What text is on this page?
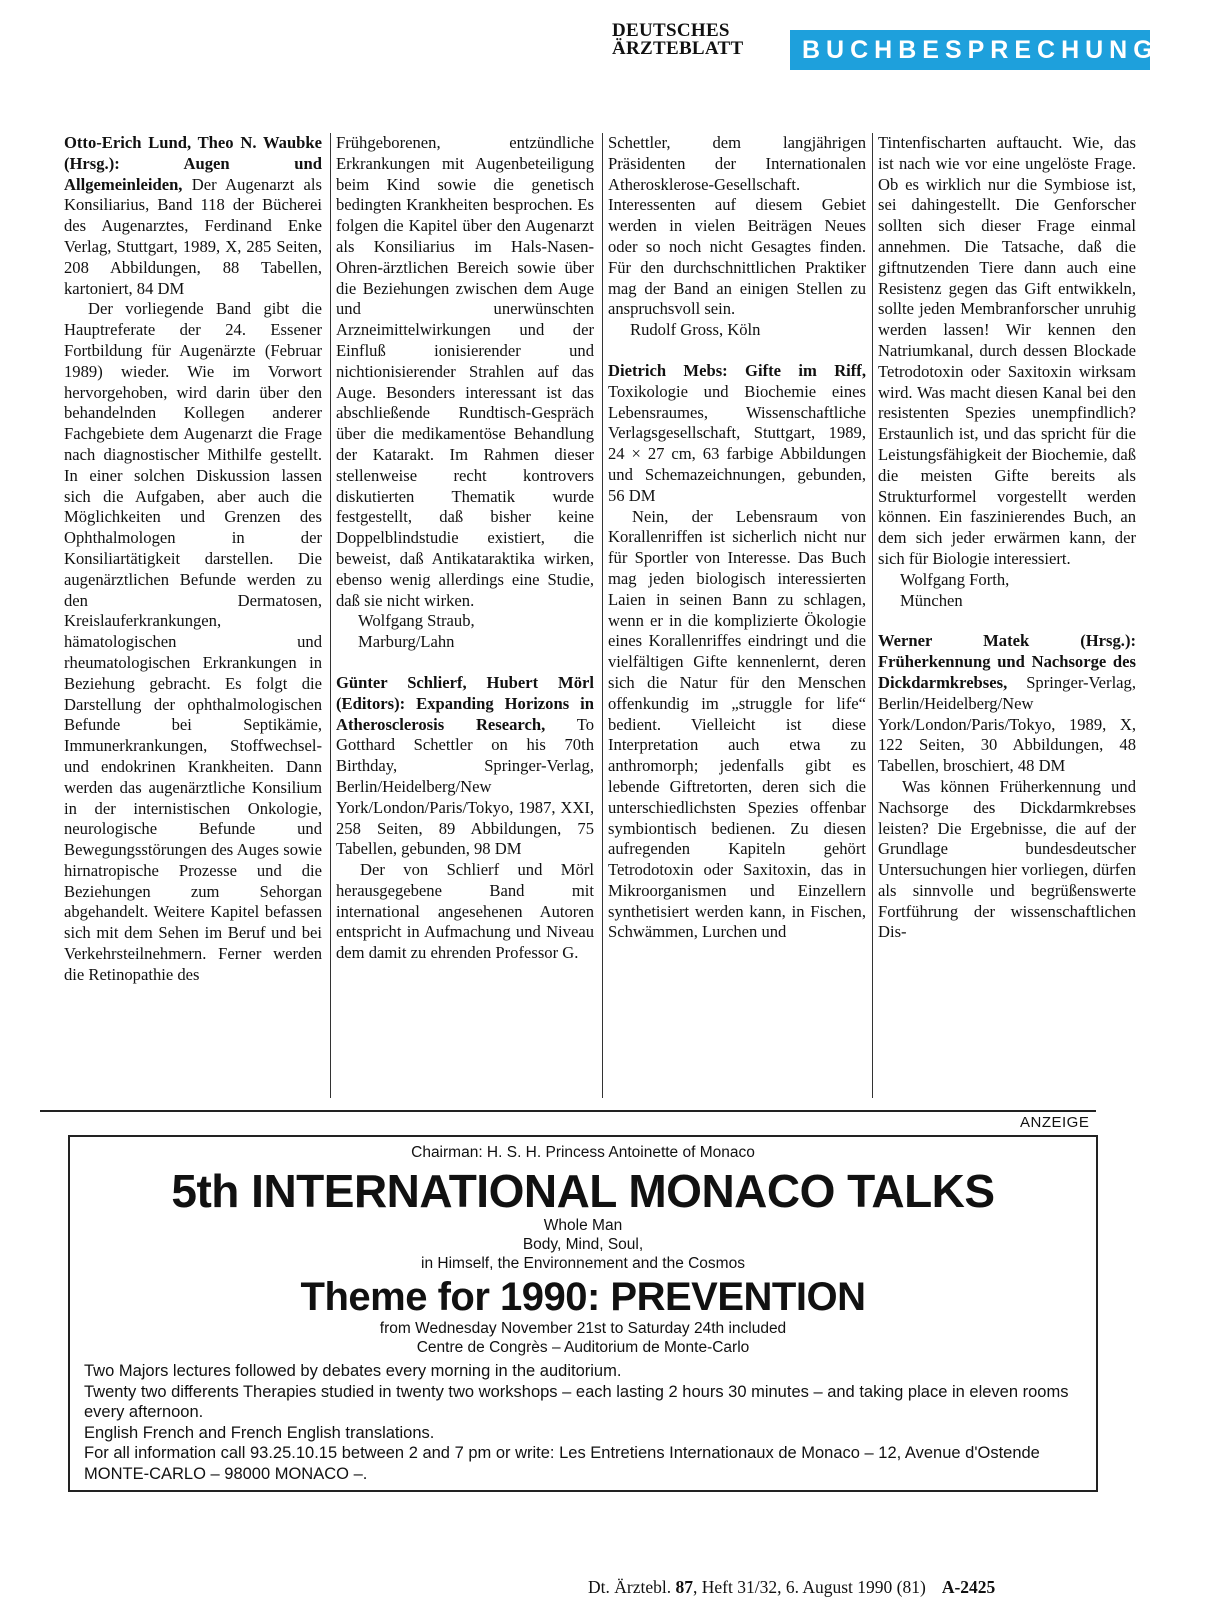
DEUTSCHES
ÄRZTEBLATT	BUCHBESPRECHUNGEN

Otto-Erich Lund, Theo N. Waubke (Hrsg.): Augen und Allgemeinleiden, Der Augenarzt als Konsiliarius, Band 118 der Bücherei des Augenarztes, Ferdinand Enke Verlag, Stuttgart, 1989, X, 285 Seiten, 208 Abbildungen, 88 Tabellen, kartoniert, 84 DM

Der vorliegende Band gibt die Hauptreferate der 24. Essener Fortbildung für Augenärzte (Februar 1989) wieder. Wie im Vorwort hervorgehoben, wird darin über den behandelnden Kollegen anderer Fachgebiete dem Augenarzt die Frage nach diagnostischer Mithilfe gestellt. In einer solchen Diskussion lassen sich die Aufgaben, aber auch die Möglichkeiten und Grenzen des Ophthalmologen in der Konsiliartätigkeit darstellen. Die augenärztlichen Befunde werden zu den Dermatosen, Kreislauferkrankungen, hämatologischen und rheumatologischen Erkrankungen in Beziehung gebracht. Es folgt die Darstellung der ophthalmologischen Befunde bei Septikämie, Immunerkrankungen, Stoffwechsel- und endokrinen Krankheiten. Dann werden das augenärztliche Konsilium in der internistischen Onkologie, neurologische Befunde und Bewegungsstörungen des Auges sowie hirnatropische Prozesse und die Beziehungen zum Sehorgan abgehandelt. Weitere Kapitel befassen sich mit dem Sehen im Beruf und bei Verkehrsteilnehmern. Ferner werden die Retinopathie des

Frühgeborenen, entzündliche Erkrankungen mit Augenbeteiligung beim Kind sowie die genetisch bedingten Krankheiten besprochen. Es folgen die Kapitel über den Augenarzt als Konsiliarius im Hals-Nasen-Ohren-ärztlichen Bereich sowie über die Beziehungen zwischen dem Auge und unerwünschten Arzneimittelwirkungen und der Einfluß ionisierender und nichtionisierender Strahlen auf das Auge. Besonders interessant ist das abschließende Rundtisch-Gespräch über die medikamentöse Behandlung der Katarakt. Im Rahmen dieser stellenweise recht kontrovers diskutierten Thematik wurde festgestellt, daß bisher keine Doppelblindstudie existiert, die beweist, daß Antikataraktika wirken, ebenso wenig allerdings eine Studie, daß sie nicht wirken.

Wolfgang Straub,

Marburg/Lahn

Günter Schlierf, Hubert Mörl (Editors): Expanding Horizons in Atherosclerosis Research, To Gotthard Schettler on his 70th Birthday, Springer-Verlag, Berlin/Heidelberg/New York/London/Paris/Tokyo, 1987, XXI, 258 Seiten, 89 Abbildungen, 75 Tabellen, gebunden, 98 DM

Der von Schlierf und Mörl herausgegebene Band mit international angesehenen Autoren entspricht in Aufmachung und Niveau dem damit zu ehrenden Professor G.

Schettler, dem langjährigen Präsidenten der Internationalen Atherosklerose-Gesellschaft. Interessenten auf diesem Gebiet werden in vielen Beiträgen Neues oder so noch nicht Gesagtes finden. Für den durchschnittlichen Praktiker mag der Band an einigen Stellen zu anspruchsvoll sein.

Rudolf Gross, Köln

Dietrich Mebs: Gifte im Riff, Toxikologie und Biochemie eines Lebensraumes, Wissenschaftliche Verlagsgesellschaft, Stuttgart, 1989, 24 × 27 cm, 63 farbige Abbildungen und Schemazeichnungen, gebunden, 56 DM

Nein, der Lebensraum von Korallenriffen ist sicherlich nicht nur für Sportler von Interesse. Das Buch mag jeden biologisch interessierten Laien in seinen Bann zu schlagen, wenn er in die komplizierte Ökologie eines Korallenriffes eindringt und die vielfältigen Gifte kennenlernt, deren sich die Natur für den Menschen offenkundig im „struggle for life“ bedient. Vielleicht ist diese Interpretation auch etwa zu anthromorph; jedenfalls gibt es lebende Giftretorten, deren sich die unterschiedlichsten Spezies offenbar symbiontisch bedienen. Zu diesen aufregenden Kapiteln gehört Tetrodotoxin oder Saxitoxin, das in Mikroorganismen und Einzellern synthetisiert werden kann, in Fischen, Schwämmen, Lurchen und

Tintenfischarten auftaucht. Wie, das ist nach wie vor eine ungelöste Frage. Ob es wirklich nur die Symbiose ist, sei dahingestellt. Die Genforscher sollten sich dieser Frage einmal annehmen. Die Tatsache, daß die giftnutzenden Tiere dann auch eine Resistenz gegen das Gift entwikkeln, sollte jeden Membranforscher unruhig werden lassen! Wir kennen den Natriumkanal, durch dessen Blockade Tetrodotoxin oder Saxitoxin wirksam wird. Was macht diesen Kanal bei den resistenten Spezies unempfindlich? Erstaunlich ist, und das spricht für die Leistungsfähigkeit der Biochemie, daß die meisten Gifte bereits als Strukturformel vorgestellt werden können. Ein faszinierendes Buch, an dem sich jeder erwärmen kann, der sich für Biologie interessiert.

Wolfgang Forth,

München

Werner Matek (Hrsg.): Früherkennung und Nachsorge des Dickdarmkrebses, Springer-Verlag, Berlin/Heidelberg/New York/London/Paris/Tokyo, 1989, X, 122 Seiten, 30 Abbildungen, 48 Tabellen, broschiert, 48 DM

Was können Früherkennung und Nachsorge des Dickdarmkrebses leisten? Die Ergebnisse, die auf der Grundlage bundesdeutscher Untersuchungen hier vorliegen, dürfen als sinnvolle und begrüßenswerte Fortführung der wissenschaftlichen Dis-

ANZEIGE
Chairman: H. S. H. Princess Antoinette of Monaco
5th INTERNATIONAL MONACO TALKS
Whole Man
Body, Mind, Soul,
in Himself, the Environnement and the Cosmos
Theme for 1990: PREVENTION
from Wednesday November 21st to Saturday 24th included
Centre de Congrès – Auditorium de Monte-Carlo

Two Majors lectures followed by debates every morning in the auditorium.

Twenty two differents Therapies studied in twenty two workshops – each lasting 2 hours 30 minutes – and taking place in eleven rooms every afternoon.

English French and French English translations.

For all information call 93.25.10.15 between 2 and 7 pm or write: Les Entretiens Internationaux de Monaco – 12, Avenue d'Ostende MONTE-CARLO – 98000 MONACO –.

Dt. Ärztebl. 87, Heft 31/32, 6. August 1990 (81) A-2425
